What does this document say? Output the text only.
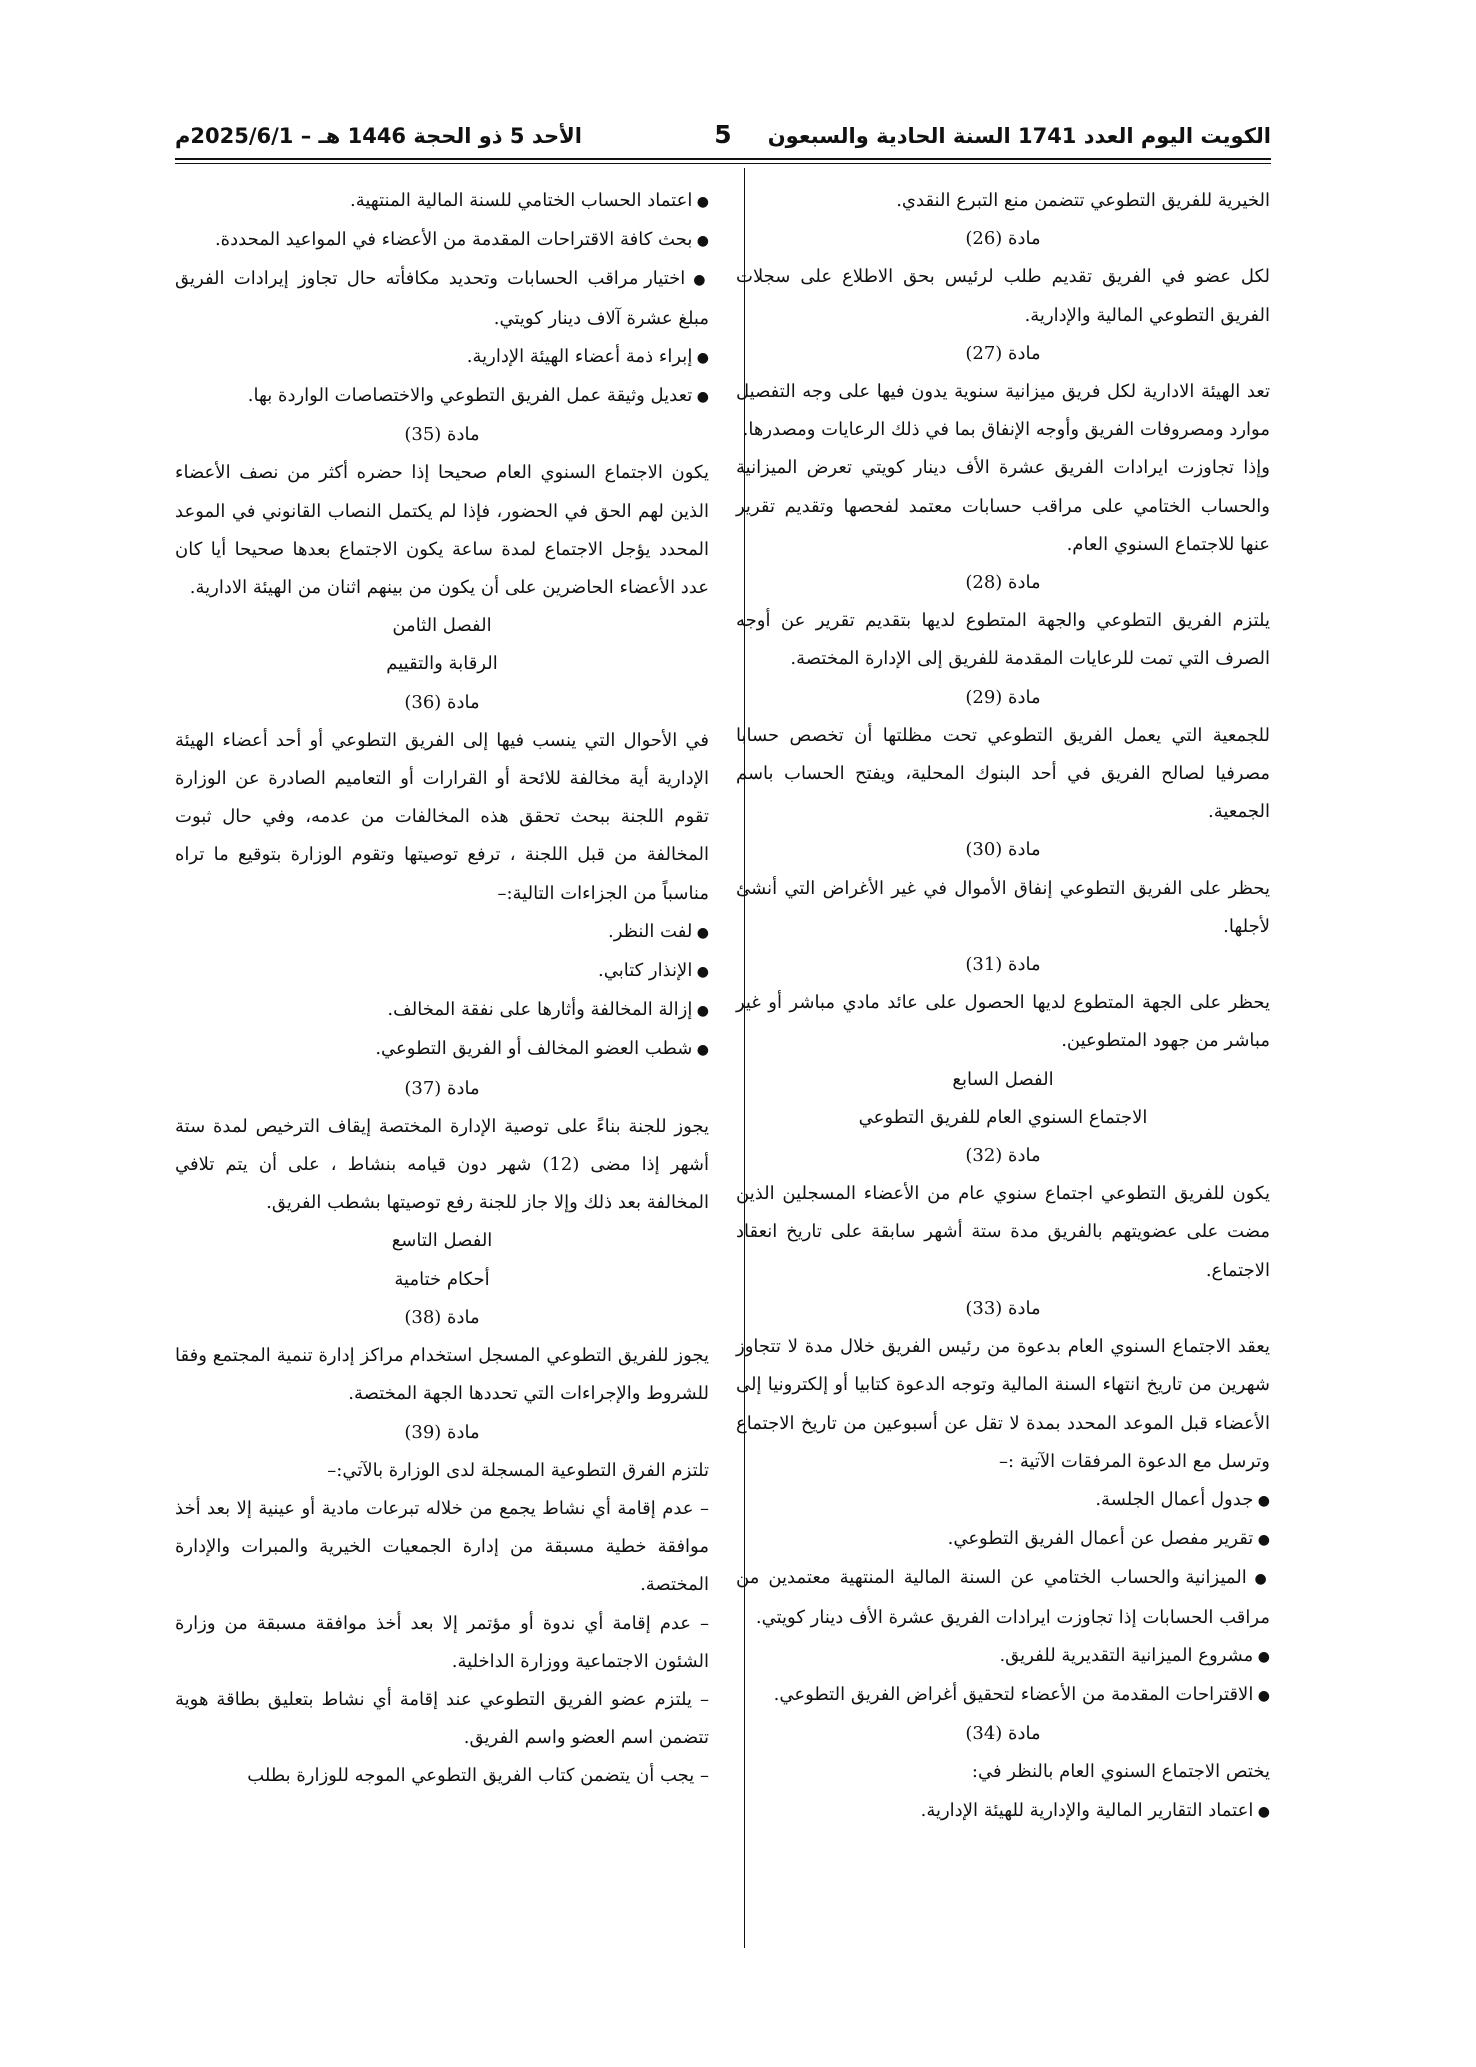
الكويت اليوم العدد 1741 السنة الحادية والسبعون
5
الأحد 5 ذو الحجة 1446 هـ – 2025/6/1م

الخيرية للفريق التطوعي تتضمن منع التبرع النقدي.

مادة (26)

لكل عضو في الفريق تقديم طلب لرئيس بحق الاطلاع على سجلات الفريق التطوعي المالية والإدارية.

مادة (27)

تعد الهيئة الادارية لكل فريق ميزانية سنوية يدون فيها على وجه التفصيل موارد ومصروفات الفريق وأوجه الإنفاق بما في ذلك الرعايات ومصدرها.

وإذا تجاوزت ايرادات الفريق عشرة الأف دينار كويتي تعرض الميزانية والحساب الختامي على مراقب حسابات معتمد لفحصها وتقديم تقرير عنها للاجتماع السنوي العام.

مادة (28)

يلتزم الفريق التطوعي والجهة المتطوع لديها بتقديم تقرير عن أوجه الصرف التي تمت للرعايات المقدمة للفريق إلى الإدارة المختصة.

مادة (29)

للجمعية التي يعمل الفريق التطوعي تحت مظلتها أن تخصص حسابا مصرفيا لصالح الفريق في أحد البنوك المحلية، ويفتح الحساب باسم الجمعية.

مادة (30)

يحظر على الفريق التطوعي إنفاق الأموال في غير الأغراض التي أنشئ لأجلها.

مادة (31)

يحظر على الجهة المتطوع لديها الحصول على عائد مادي مباشر أو غير مباشر من جهود المتطوعين.

الفصل السابع

الاجتماع السنوي العام للفريق التطوعي

مادة (32)

يكون للفريق التطوعي اجتماع سنوي عام من الأعضاء المسجلين الذين مضت على عضويتهم بالفريق مدة ستة أشهر سابقة على تاريخ انعقاد الاجتماع.

مادة (33)

يعقد الاجتماع السنوي العام بدعوة من رئيس الفريق خلال مدة لا تتجاوز شهرين من تاريخ انتهاء السنة المالية وتوجه الدعوة كتابيا أو إلكترونيا إلى الأعضاء قبل الموعد المحدد بمدة لا تقل عن أسبوعين من تاريخ الاجتماع وترسل مع الدعوة المرفقات الآتية :–

● جدول أعمال الجلسة.

● تقرير مفصل عن أعمال الفريق التطوعي.

● الميزانية والحساب الختامي عن السنة المالية المنتهية معتمدين من مراقب الحسابات إذا تجاوزت ايرادات الفريق عشرة الأف دينار كويتي.

● مشروع الميزانية التقديرية للفريق.

● الاقتراحات المقدمة من الأعضاء لتحقيق أغراض الفريق التطوعي.

مادة (34)

يختص الاجتماع السنوي العام بالنظر في:

● اعتماد التقارير المالية والإدارية للهيئة الإدارية.

● اعتماد الحساب الختامي للسنة المالية المنتهية.

● بحث كافة الاقتراحات المقدمة من الأعضاء في المواعيد المحددة.

● اختيار مراقب الحسابات وتحديد مكافأته حال تجاوز إيرادات الفريق مبلغ عشرة آلاف دينار كويتي.

● إبراء ذمة أعضاء الهيئة الإدارية.

● تعديل وثيقة عمل الفريق التطوعي والاختصاصات الواردة بها.

مادة (35)

يكون الاجتماع السنوي العام صحيحا إذا حضره أكثر من نصف الأعضاء الذين لهم الحق في الحضور، فإذا لم يكتمل النصاب القانوني في الموعد المحدد يؤجل الاجتماع لمدة ساعة يكون الاجتماع بعدها صحيحا أيا كان عدد الأعضاء الحاضرين على أن يكون من بينهم اثنان من الهيئة الادارية.

الفصل الثامن

الرقابة والتقييم

مادة (36)

في الأحوال التي ينسب فيها إلى الفريق التطوعي أو أحد أعضاء الهيئة الإدارية أية مخالفة للائحة أو القرارات أو التعاميم الصادرة عن الوزارة تقوم اللجنة ببحث تحقق هذه المخالفات من عدمه، وفي حال ثبوت المخالفة من قبل اللجنة ، ترفع توصيتها وتقوم الوزارة بتوقيع ما تراه مناسباً من الجزاءات التالية:–

● لفت النظر.

● الإنذار كتابي.

● إزالة المخالفة وأثارها على نفقة المخالف.

● شطب العضو المخالف أو الفريق التطوعي.

مادة (37)

يجوز للجنة بناءً على توصية الإدارة المختصة إيقاف الترخيص لمدة ستة أشهر إذا مضى (12) شهر دون قيامه بنشاط ، على أن يتم تلافي المخالفة بعد ذلك وإلا جاز للجنة رفع توصيتها بشطب الفريق.

الفصل التاسع

أحكام ختامية

مادة (38)

يجوز للفريق التطوعي المسجل استخدام مراكز إدارة تنمية المجتمع وفقا للشروط والإجراءات التي تحددها الجهة المختصة.

مادة (39)

تلتزم الفرق التطوعية المسجلة لدى الوزارة بالآتي:–

– عدم إقامة أي نشاط يجمع من خلاله تبرعات مادية أو عينية إلا بعد أخذ موافقة خطية مسبقة من إدارة الجمعيات الخيرية والمبرات والإدارة المختصة.

– عدم إقامة أي ندوة أو مؤتمر إلا بعد أخذ موافقة مسبقة من وزارة الشئون الاجتماعية ووزارة الداخلية.

– يلتزم عضو الفريق التطوعي عند إقامة أي نشاط بتعليق بطاقة هوية تتضمن اسم العضو واسم الفريق.

– يجب أن يتضمن كتاب الفريق التطوعي الموجه للوزارة بطلب
